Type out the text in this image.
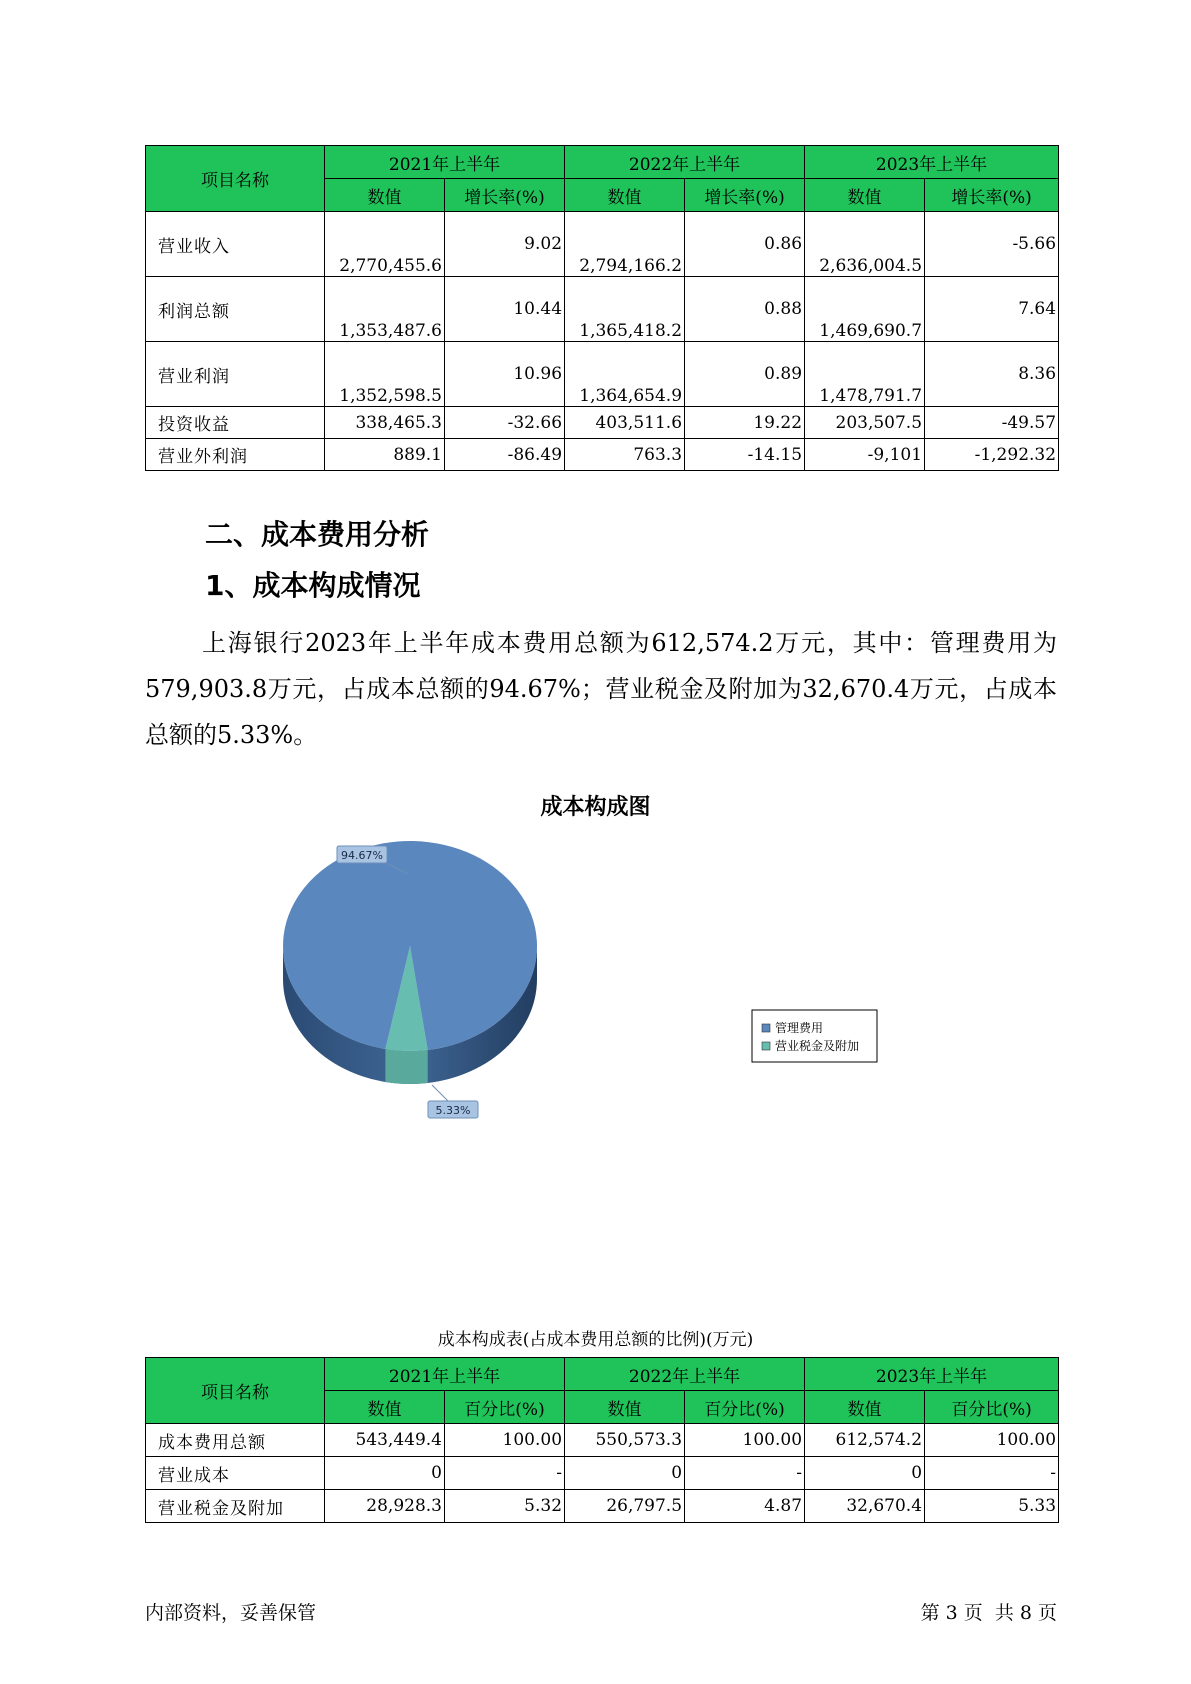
项目名称	2021年上半年		2022年上半年		2023年上半年	
	数值	增长率(%)	数值	增长率(%)	数值	增长率(%)
营业收入	2,770,455.6	9.02	2,794,166.2	0.86	2,636,004.5	-5.66
利润总额	1,353,487.6	10.44	1,365,418.2	0.88	1,469,690.7	7.64
营业利润	1,352,598.5	10.96	1,364,654.9	0.89	1,478,791.7	8.36
投资收益	338,465.3	-32.66	403,511.6	19.22	203,507.5	-49.57
营业外利润	889.1	-86.49	763.3	-14.15	-9,101	-1,292.32
二、成本费用分析
1、成本构成情况
上海银行2023年上半年成本费用总额为612,574.2万元，其中：管理费用为579,903.8万元，占成本总额的94.67%；营业税金及附加为32,670.4万元，占成本总额的5.33%。
成本构成图
94.67%
5.33%
管理费用
营业税金及附加
成本构成表(占成本费用总额的比例)(万元)
项目名称	2021年上半年		2022年上半年		2023年上半年	
	数值	百分比(%)	数值	百分比(%)	数值	百分比(%)
成本费用总额	543,449.4	100.00	550,573.3	100.00	612,574.2	100.00
营业成本	0	-	0	-	0	-
营业税金及附加	28,928.3	5.32	26,797.5	4.87	32,670.4	5.33
内部资料，妥善保管	第 3 页  共 8 页
